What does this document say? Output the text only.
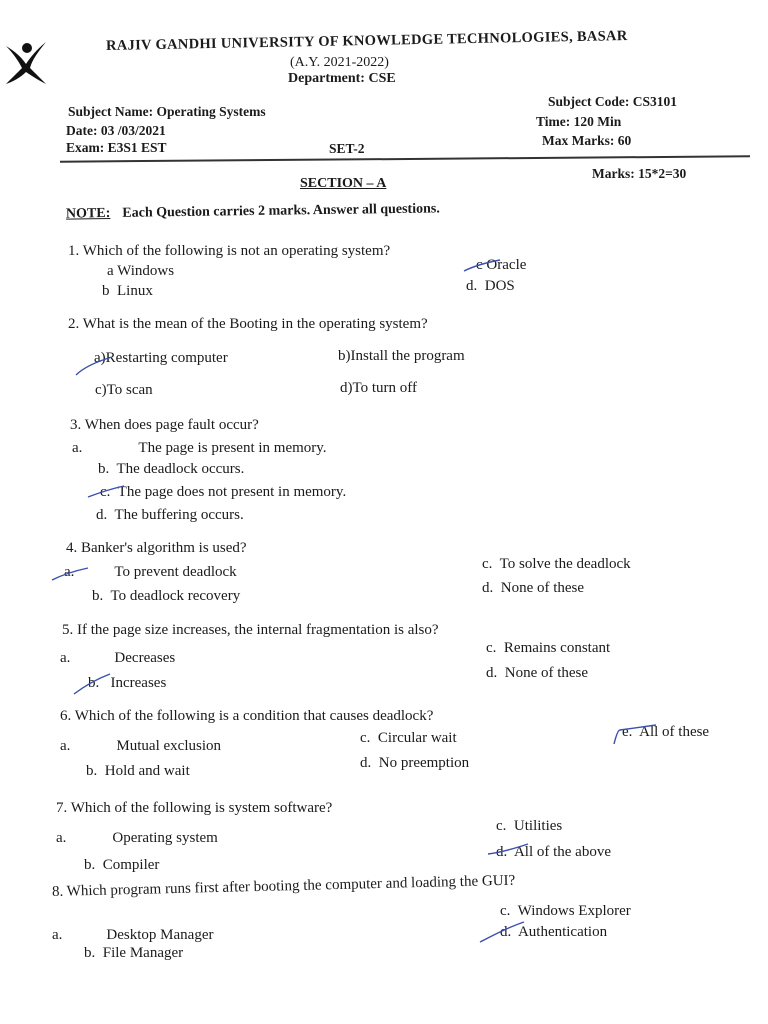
RAJIV GANDHI UNIVERSITY OF KNOWLEDGE TECHNOLOGIES, BASAR
(A.Y. 2021-2022)
Department: CSE
Subject Name: Operating Systems
Date: 03 /03/2021
Exam: E3S1 EST	SET-2
Subject Code: CS3101
Time: 120 Min
Max Marks: 60
Marks: 15*2=30
SECTION – A
NOTE: Each Question carries 2 marks. Answer all questions.
1. Which of the following is not an operating system?
a Windows
b Linux
c Oracle
d. DOS
2. What is the mean of the Booting in the operating system?
a)Restarting computer	b)Install the program
c)To scan	d)To turn off
3. When does page fault occur?
a.	The page is present in memory.
b. The deadlock occurs.
c. The page does not present in memory.
d. The buffering occurs.
4. Banker's algorithm is used?
a.	To prevent deadlock
b. To deadlock recovery
c. To solve the deadlock
d. None of these
5. If the page size increases, the internal fragmentation is also?
a.	Decreases
b. Increases
c. Remains constant
d. None of these
6. Which of the following is a condition that causes deadlock?
a.	Mutual exclusion
b. Hold and wait
c. Circular wait
d. No preemption
e. All of these
7. Which of the following is system software?
a.	Operating system
b. Compiler
c. Utilities
d. All of the above
8. Which program runs first after booting the computer and loading the GUI?
a.	Desktop Manager
b. File Manager
c. Windows Explorer
d. Authentication
